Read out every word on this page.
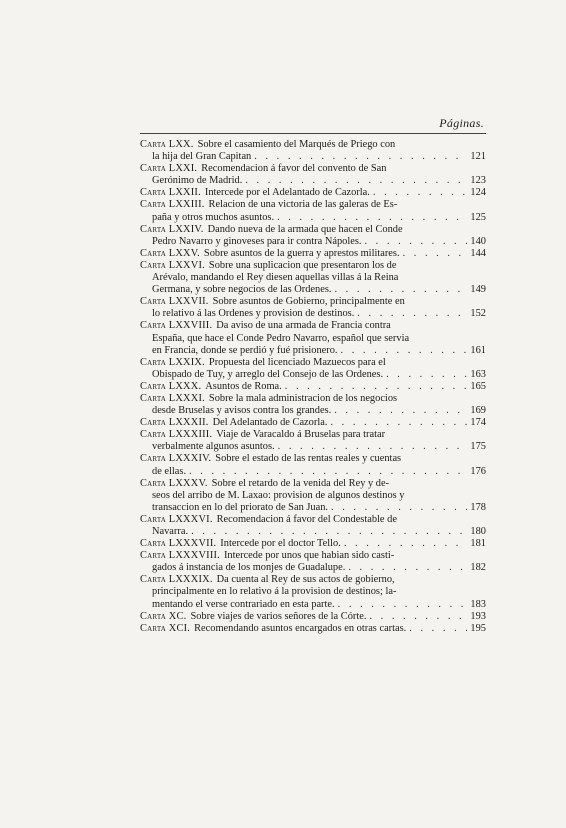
Páginas.
Carta LXX. Sobre el casamiento del Marqués de Priego con
la hija del Gran Capitan . . .	121
Carta LXXI. Recomendacion á favor del convento de San
Gerónimo de Madrid. . . .	123
Carta LXXII. Intercede por el Adelantado de Cazorla. . . .	124
Carta LXXIII. Relacion de una victoria de las galeras de Es-
paña y otros muchos asuntos. . . .	125
Carta LXXIV. Dando nueva de la armada que hacen el Conde
Pedro Navarro y ginoveses para ir contra Nápoles. . . .	140
Carta LXXV. Sobre asuntos de la guerra y aprestos militares. . . .	144
Carta LXXVI. Sobre una suplicacion que presentaron los de
Arévalo, mandando el Rey diesen aquellas villas á la Reina
Germana, y sobre negocios de las Ordenes. . . .	149
Carta LXXVII. Sobre asuntos de Gobierno, principalmente en
lo relativo á las Ordenes y provision de destinos. . . .	152
Carta LXXVIII. Da aviso de una armada de Francia contra
España, que hace el Conde Pedro Navarro, español que servia
en Francia, donde se perdió y fué prisionero. . . .	161
Carta LXXIX. Propuesta del licenciado Mazuecos para el
Obispado de Tuy, y arreglo del Consejo de las Ordenes. . . .	163
Carta LXXX. Asuntos de Roma. . . .	165
Carta LXXXI. Sobre la mala administracion de los negocios
desde Bruselas y avisos contra los grandes. . . .	169
Carta LXXXII. Del Adelantado de Cazorla. . . .	174
Carta LXXXIII. Viaje de Varacaldo á Bruselas para tratar
verbalmente algunos asuntos. . . .	175
Carta LXXXIV. Sobre el estado de las rentas reales y cuentas
de ellas. . . .	176
Carta LXXXV. Sobre el retardo de la venida del Rey y de-
seos del arribo de M. Laxao: provision de algunos destinos y
transaccion en lo del priorato de San Juan. . . .	178
Carta LXXXVI. Recomendacion á favor del Condestable de
Navarra. . . .	180
Carta LXXXVII. Intercede por el doctor Tello. . . .	181
Carta LXXXVIII. Intercede por unos que habian sido casti-
gados á instancia de los monjes de Guadalupe. . . .	182
Carta LXXXIX. Da cuenta al Rey de sus actos de gobierno,
principalmente en lo relativo á la provision de destinos; la-
mentando el verse contrariado en esta parte. . . .	183
Carta XC. Sobre viajes de varios señores de la Córte. . . .	193
Carta XCI. Recomendando asuntos encargados en otras cartas. . . .	195
